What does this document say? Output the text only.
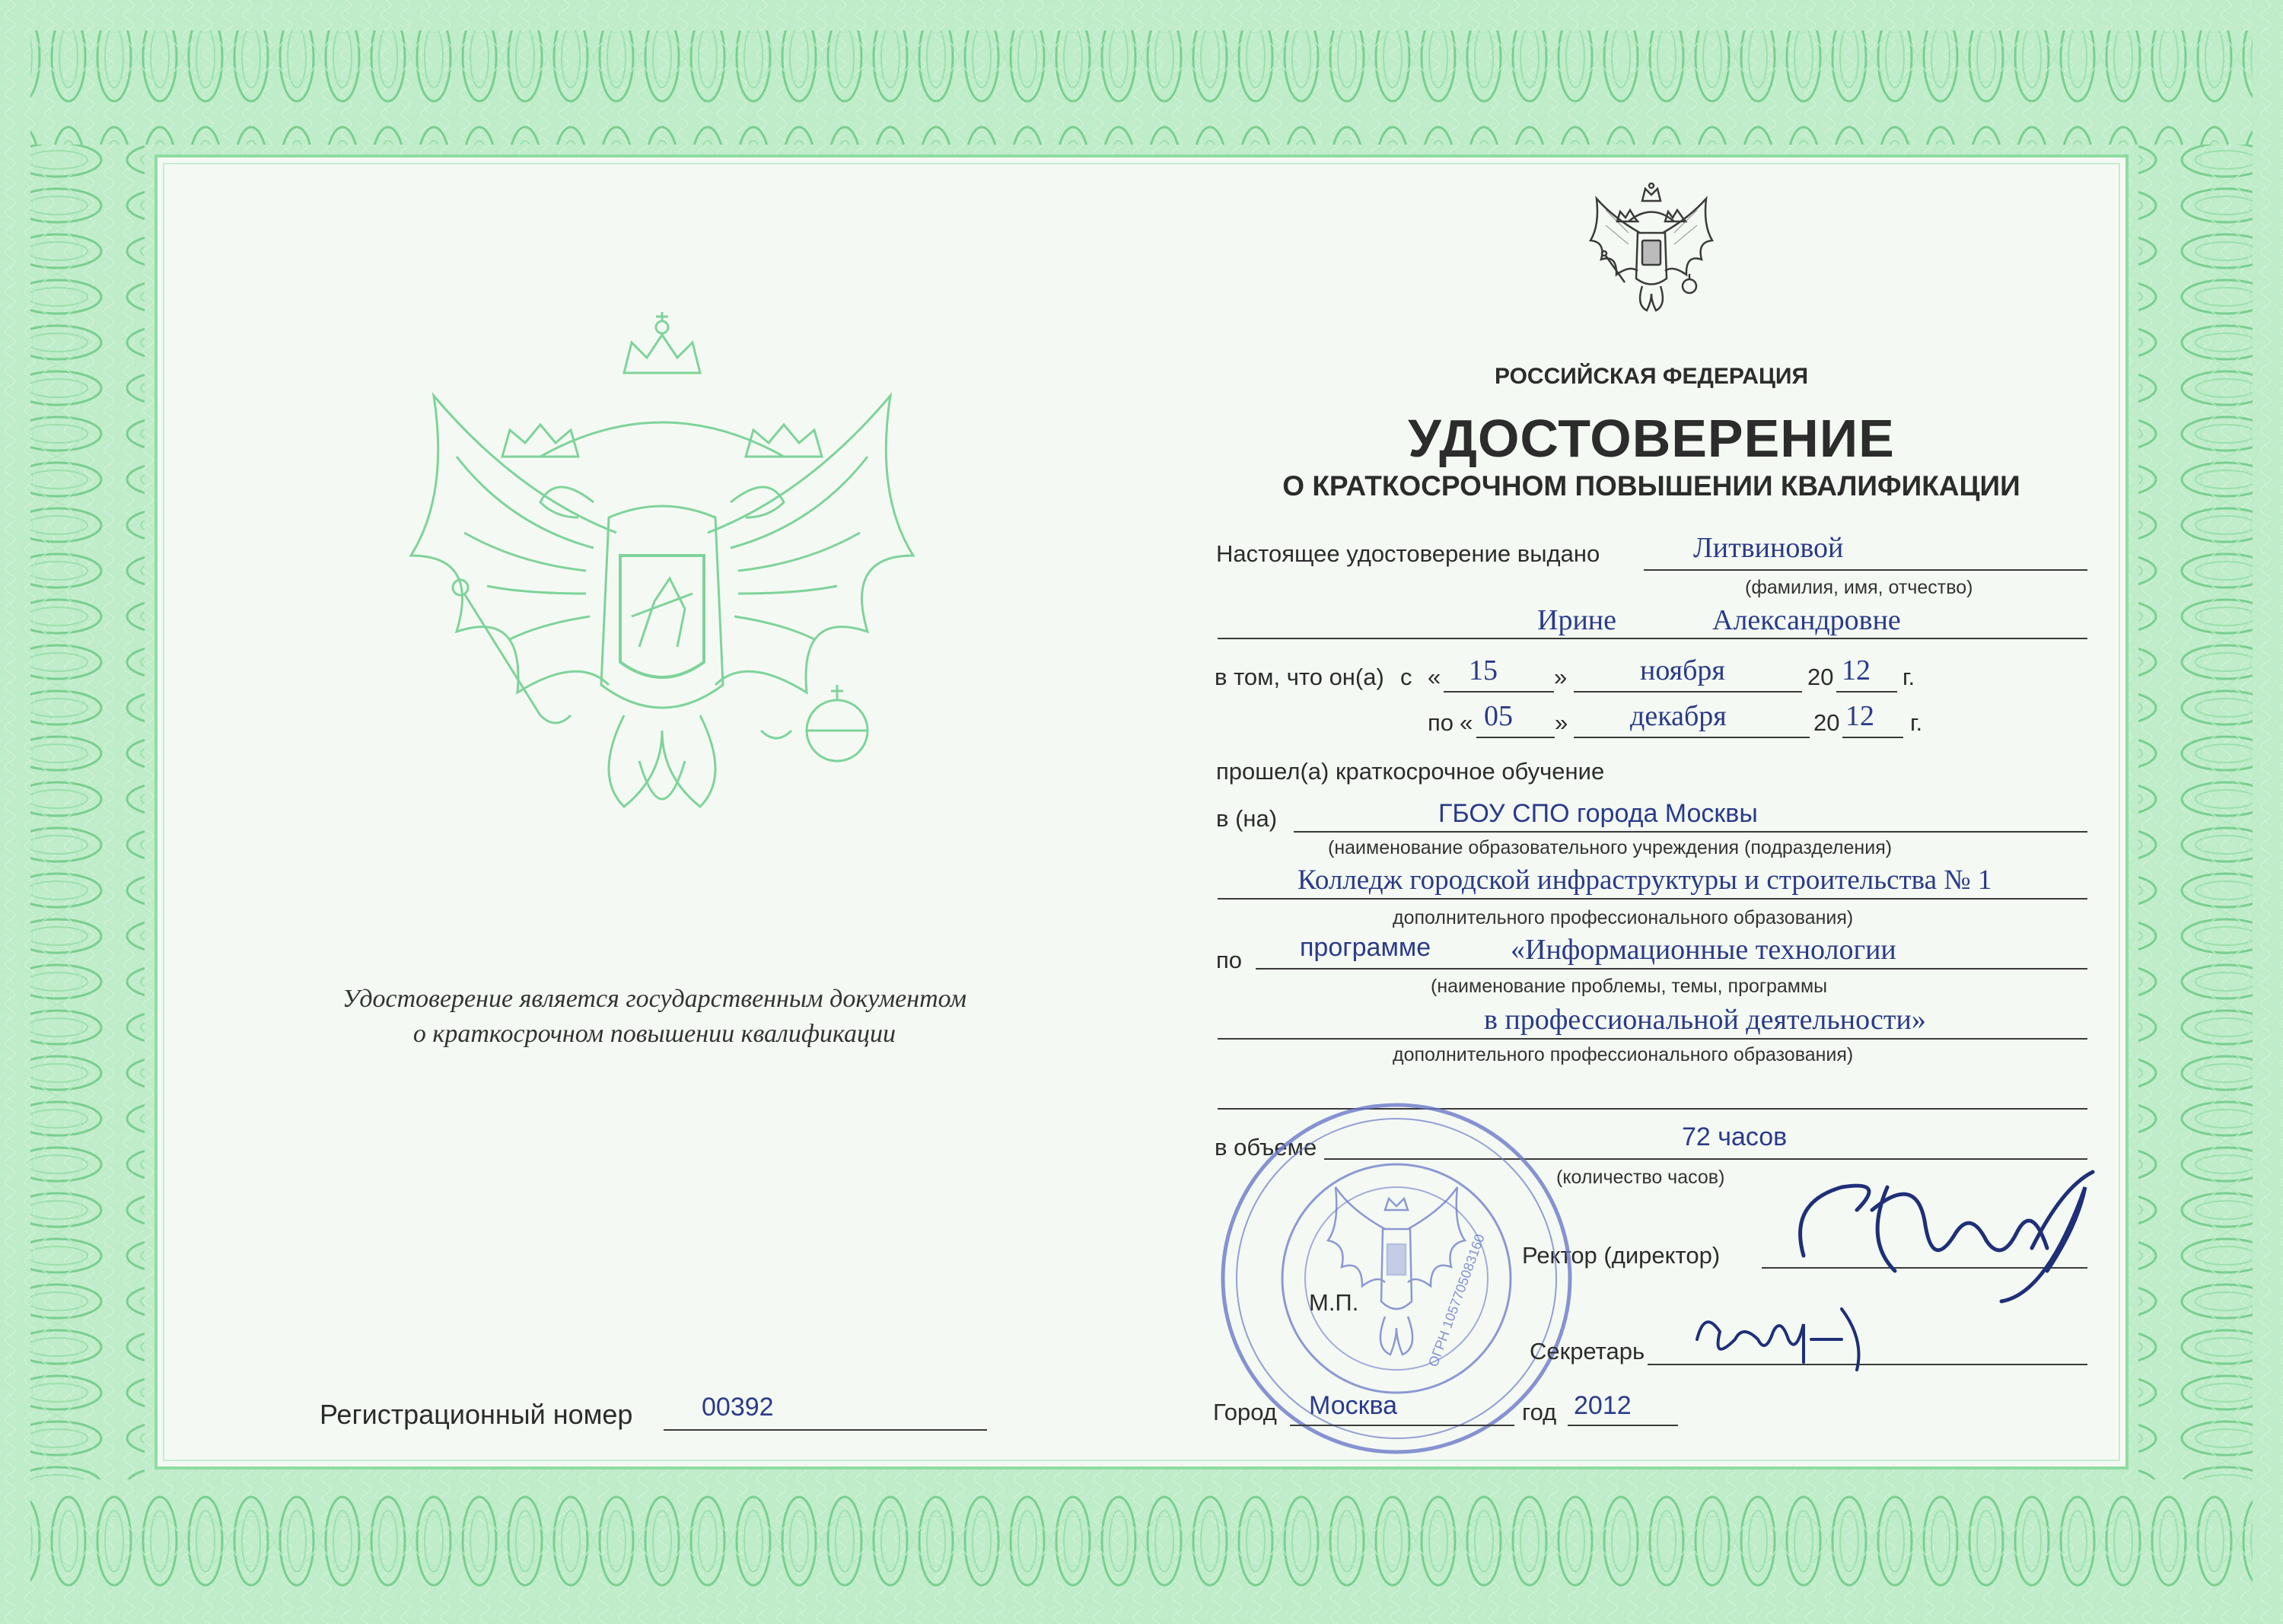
Удостоверение является государственным документом
о краткосрочном повышении квалификации
Регистрационный номер	00392
РОССИЙСКАЯ ФЕДЕРАЦИЯ
УДОСТОВЕРЕНИЕ
О КРАТКОСРОЧНОМ ПОВЫШЕНИИ КВАЛИФИКАЦИИ
Настоящее удостоверение выдано	Литвиновой
(фамилия, имя, отчество)
Ирине	Александровне
в том, что он(а) с « 15 »	ноября	20 12 г.
по « 05 » декабря	20 12 г.
прошел(а) краткосрочное обучение
в (на)	ГБОУ СПО города Москвы
(наименование образовательного учреждения (подразделения)
Колледж городской инфраструктуры и строительства № 1
дополнительного профессионального образования)
по программе	«Информационные технологии
(наименование проблемы, темы, программы
в профессиональной деятельности»
дополнительного профессионального образования)
в объеме	72 часов
(количество часов)
Ректор (директор)
ОГРН 1057705083160
М.П.
Секретарь
Город Москва	год 2012
